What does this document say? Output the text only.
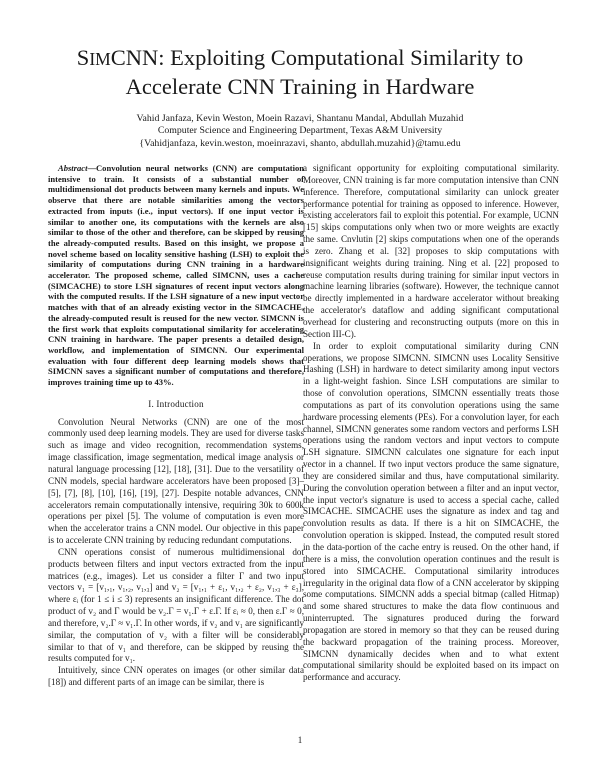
SIMCNN: Exploiting Computational Similarity to
Accelerate CNN Training in Hardware
Vahid Janfaza, Kevin Weston, Moein Razavi, Shantanu Mandal, Abdullah Muzahid
Computer Science and Engineering Department, Texas A&M University
{Vahidjanfaza, kevin.weston, moeinrazavi, shanto, abdullah.muzahid}@tamu.edu

Abstract—Convolution neural networks (CNN) are computation intensive to train. It consists of a substantial number of multidimensional dot products between many kernels and inputs. We observe that there are notable similarities among the vectors extracted from inputs (i.e., input vectors). If one input vector is similar to another one, its computations with the kernels are also similar to those of the other and therefore, can be skipped by reusing the already-computed results. Based on this insight, we propose a novel scheme based on locality sensitive hashing (LSH) to exploit the similarity of computations during CNN training in a hardware accelerator. The proposed scheme, called SIMCNN, uses a cache (SIMCACHE) to store LSH signatures of recent input vectors along with the computed results. If the LSH signature of a new input vector matches with that of an already existing vector in the SIMCACHE, the already-computed result is reused for the new vector. SIMCNN is the first work that exploits computational similarity for accelerating CNN training in hardware. The paper presents a detailed design, workflow, and implementation of SIMCNN. Our experimental evaluation with four different deep learning models shows that SIMCNN saves a significant number of computations and therefore, improves training time up to 43%.

I. Introduction

Convolution Neural Networks (CNN) are one of the most commonly used deep learning models. They are used for diverse tasks such as image and video recognition, recommendation systems, image classification, image segmentation, medical image analysis or natural language processing [12], [18], [31]. Due to the versatility of CNN models, special hardware accelerators have been proposed [3]–[5], [7], [8], [10], [16], [19], [27]. Despite notable advances, CNN accelerators remain computationally intensive, requiring 30k to 600k operations per pixel [5]. The volume of computation is even more when the accelerator trains a CNN model. Our objective in this paper is to accelerate CNN training by reducing redundant computations.

CNN operations consist of numerous multidimensional dot products between filters and input vectors extracted from the input matrices (e.g., images). Let us consider a filter Γ and two input vectors v₁ = [v₁,₁, v₁,₂, v₁,₃] and v₂ = [v₁,₁ + ε₁, v₁,₂ + ε₂, v₁,₃ + ε₃], where εᵢ (for 1 ≤ i ≤ 3) represents an insignificant difference. The dot product of v₂ and Γ would be v₂.Γ = v₁.Γ + ε.Γ. If εᵢ ≈ 0, then ε.Γ ≈ 0, and therefore, v₂.Γ ≈ v₁.Γ. In other words, if v₂ and v₁ are significantly similar, the computation of v₂ with a filter will be considerably similar to that of v₁ and therefore, can be skipped by reusing the results computed for v₁.

Intuitively, since CNN operates on images (or other similar data [18]) and different parts of an image can be similar, there is

a significant opportunity for exploiting computational similarity. Moreover, CNN training is far more computation intensive than CNN inference. Therefore, computational similarity can unlock greater performance potential for training as opposed to inference. However, existing accelerators fail to exploit this potential. For example, UCNN [15] skips computations only when two or more weights are exactly the same. Cnvlutin [2] skips computations when one of the operands is zero. Zhang et al. [32] proposes to skip computations with insignificant weights during training. Ning et al. [22] proposed to reuse computation results during training for similar input vectors in machine learning libraries (software). However, the technique cannot be directly implemented in a hardware accelerator without breaking the accelerator's dataflow and adding significant computational overhead for clustering and reconstructing outputs (more on this in Section III-C).

In order to exploit computational similarity during CNN operations, we propose SIMCNN. SIMCNN uses Locality Sensitive Hashing (LSH) in hardware to detect similarity among input vectors in a light-weight fashion. Since LSH computations are similar to those of convolution operations, SIMCNN essentially treats those computations as part of its convolution operations using the same hardware processing elements (PEs). For a convolution layer, for each channel, SIMCNN generates some random vectors and performs LSH operations using the random vectors and input vectors to compute LSH signature. SIMCNN calculates one signature for each input vector in a channel. If two input vectors produce the same signature, they are considered similar and thus, have computational similarity. During the convolution operation between a filter and an input vector, the input vector's signature is used to access a special cache, called SIMCACHE. SIMCACHE uses the signature as index and tag and convolution results as data. If there is a hit on SIMCACHE, the convolution operation is skipped. Instead, the computed result stored in the data-portion of the cache entry is reused. On the other hand, if there is a miss, the convolution operation continues and the result is stored into SIMCACHE. Computational similarity introduces irregularity in the original data flow of a CNN accelerator by skipping some computations. SIMCNN adds a special bitmap (called Hitmap) and some shared structures to make the data flow continuous and uninterrupted. The signatures produced during the forward propagation are stored in memory so that they can be reused during the backward propagation of the training process. Moreover, SIMCNN dynamically decides when and to what extent computational similarity should be exploited based on its impact on performance and accuracy.

1
